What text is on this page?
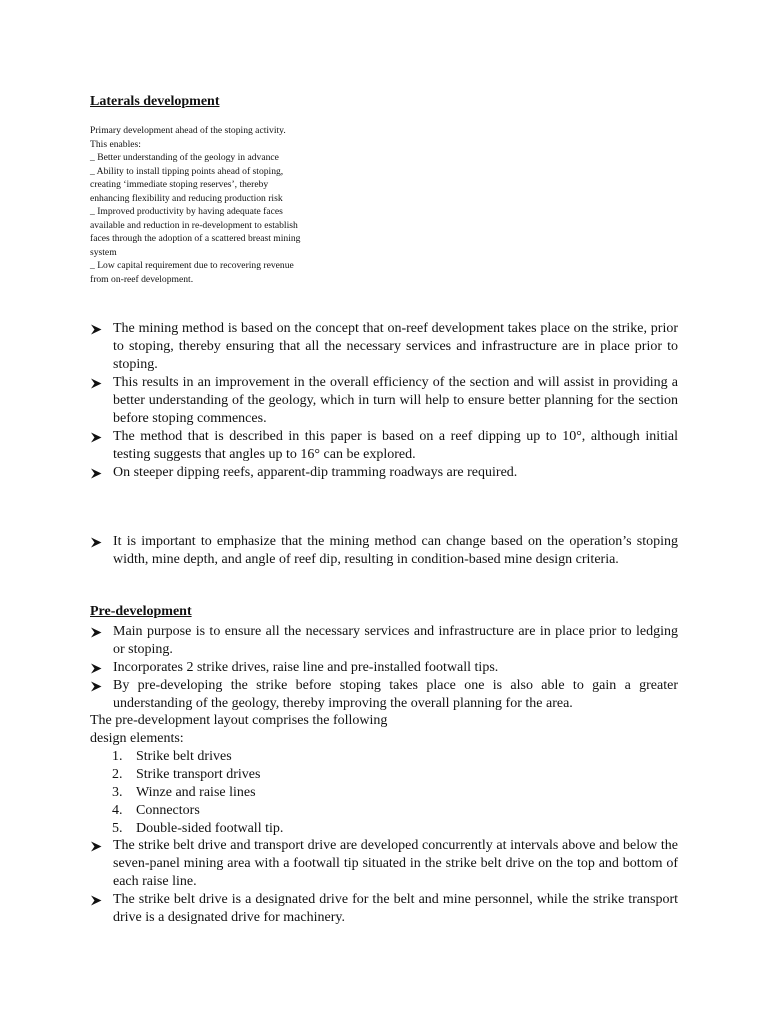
Laterals development
Primary development ahead of the stoping activity.
This enables:
_ Better understanding of the geology in advance
_ Ability to install tipping points ahead of stoping,
creating ‘immediate stoping reserves’, thereby
enhancing flexibility and reducing production risk
_ Improved productivity by having adequate faces
available and reduction in re-development to establish
faces through the adoption of a scattered breast mining
system
_ Low capital requirement due to recovering revenue
from on-reef development.

The mining method is based on the concept that on-reef development takes place on the strike, prior to stoping, thereby ensuring that all the necessary services and infrastructure are in place prior to stoping.

This results in an improvement in the overall efficiency of the section and will assist in providing a better understanding of the geology, which in turn will help to ensure better planning for the section before stoping commences.

The method that is described in this paper is based on a reef dipping up to 10°, although initial testing suggests that angles up to 16° can be explored.

On steeper dipping reefs, apparent-dip tramming roadways are required.

It is important to emphasize that the mining method can change based on the operation’s stoping width, mine depth, and angle of reef dip, resulting in condition-based mine design criteria.

Pre-development

Main purpose is to ensure all the necessary services and infrastructure are in place prior to ledging or stoping.

Incorporates 2 strike drives, raise line and pre-installed footwall tips.

By pre-developing the strike before stoping takes place one is also able to gain a greater understanding of the geology, thereby improving the overall planning for the area.

The pre-development layout comprises the following
design elements:
1. Strike belt drives
2. Strike transport drives
3. Winze and raise lines
4. Connectors
5. Double-sided footwall tip.

The strike belt drive and transport drive are developed concurrently at intervals above and below the seven-panel mining area with a footwall tip situated in the strike belt drive on the top and bottom of each raise line.

The strike belt drive is a designated drive for the belt and mine personnel, while the strike transport drive is a designated drive for machinery.
